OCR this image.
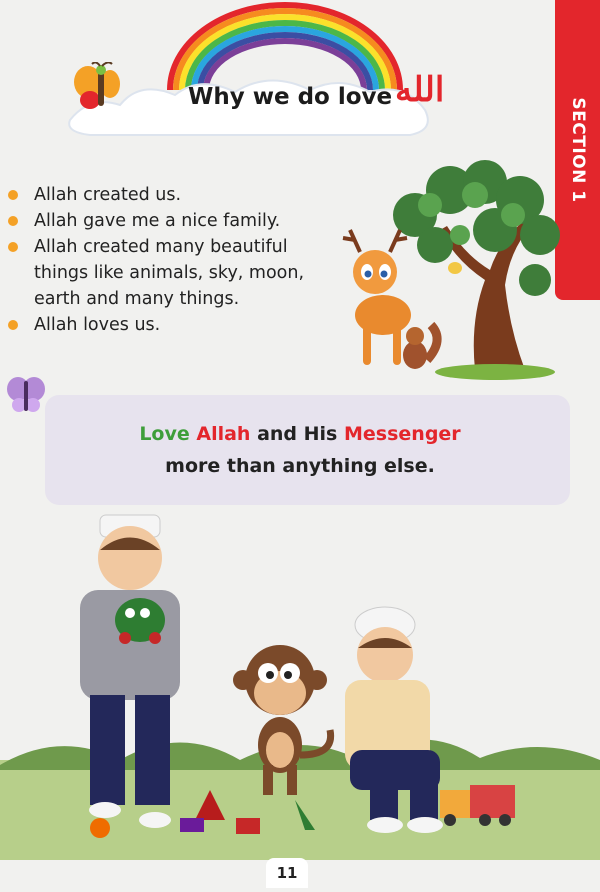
SECTION 1
Why we do love الله
Allah created us.
Allah gave me a nice family.
Allah created many beautiful things like animals, sky, moon, earth and many things.
Allah loves us.
Love Allah and His Messenger
more than anything else.
11
